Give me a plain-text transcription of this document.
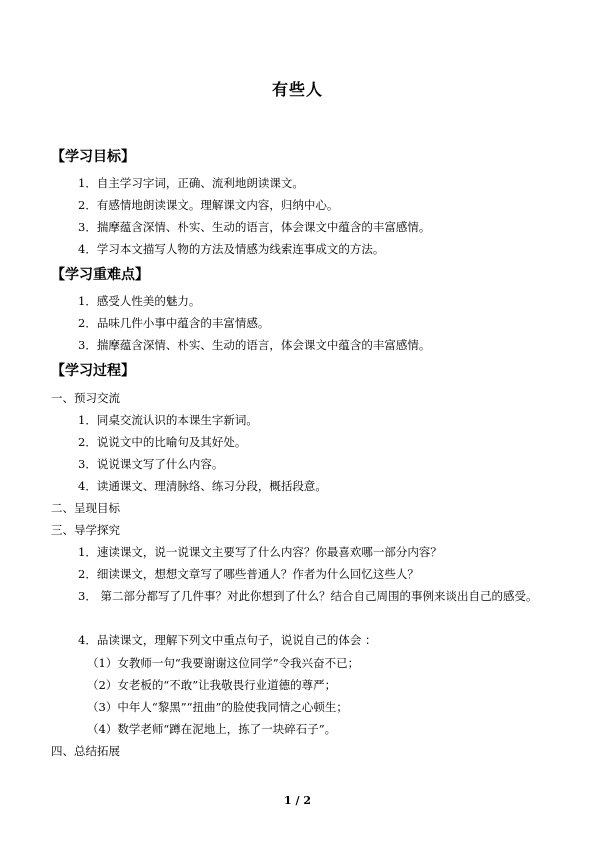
有些人
【学习目标】
1．自主学习字词，正确、流利地朗读课文。
2．有感情地朗读课文。理解课文内容，归纳中心。
3．揣摩蕴含深情、朴实、生动的语言，体会课文中蕴含的丰富感情。
4．学习本文描写人物的方法及情感为线索连事成文的方法。
【学习重难点】
1．感受人性美的魅力。
2．品味几件小事中蕴含的丰富情感。
3．揣摩蕴含深情、朴实、生动的语言，体会课文中蕴含的丰富感情。
【学习过程】
一、预习交流
1．同桌交流认识的本课生字新词。
2．说说文中的比喻句及其好处。
3．说说课文写了什么内容。
4．读通课文、理清脉络、练习分段，概括段意。
二、呈现目标
三、导学探究
1．速读课文，说一说课文主要写了什么内容？你最喜欢哪一部分内容？
2．细读课文，想想文章写了哪些普通人？作者为什么回忆这些人？
3． 第二部分都写了几件事？对此你想到了什么？结合自己周围的事例来谈出自己的感受。
4．品读课文，理解下列文中重点句子，说说自己的体会 ：
（1）女教师一句“我要谢谢这位同学”令我兴奋不已；
（2）女老板的“不敢”让我敬畏行业道德的尊严；
（3）中年人“黎黑”“扭曲”的脸使我同情之心顿生；
（4）数学老师“蹲在泥地上，拣了一块碎石子”。
四、总结拓展
1 / 2
